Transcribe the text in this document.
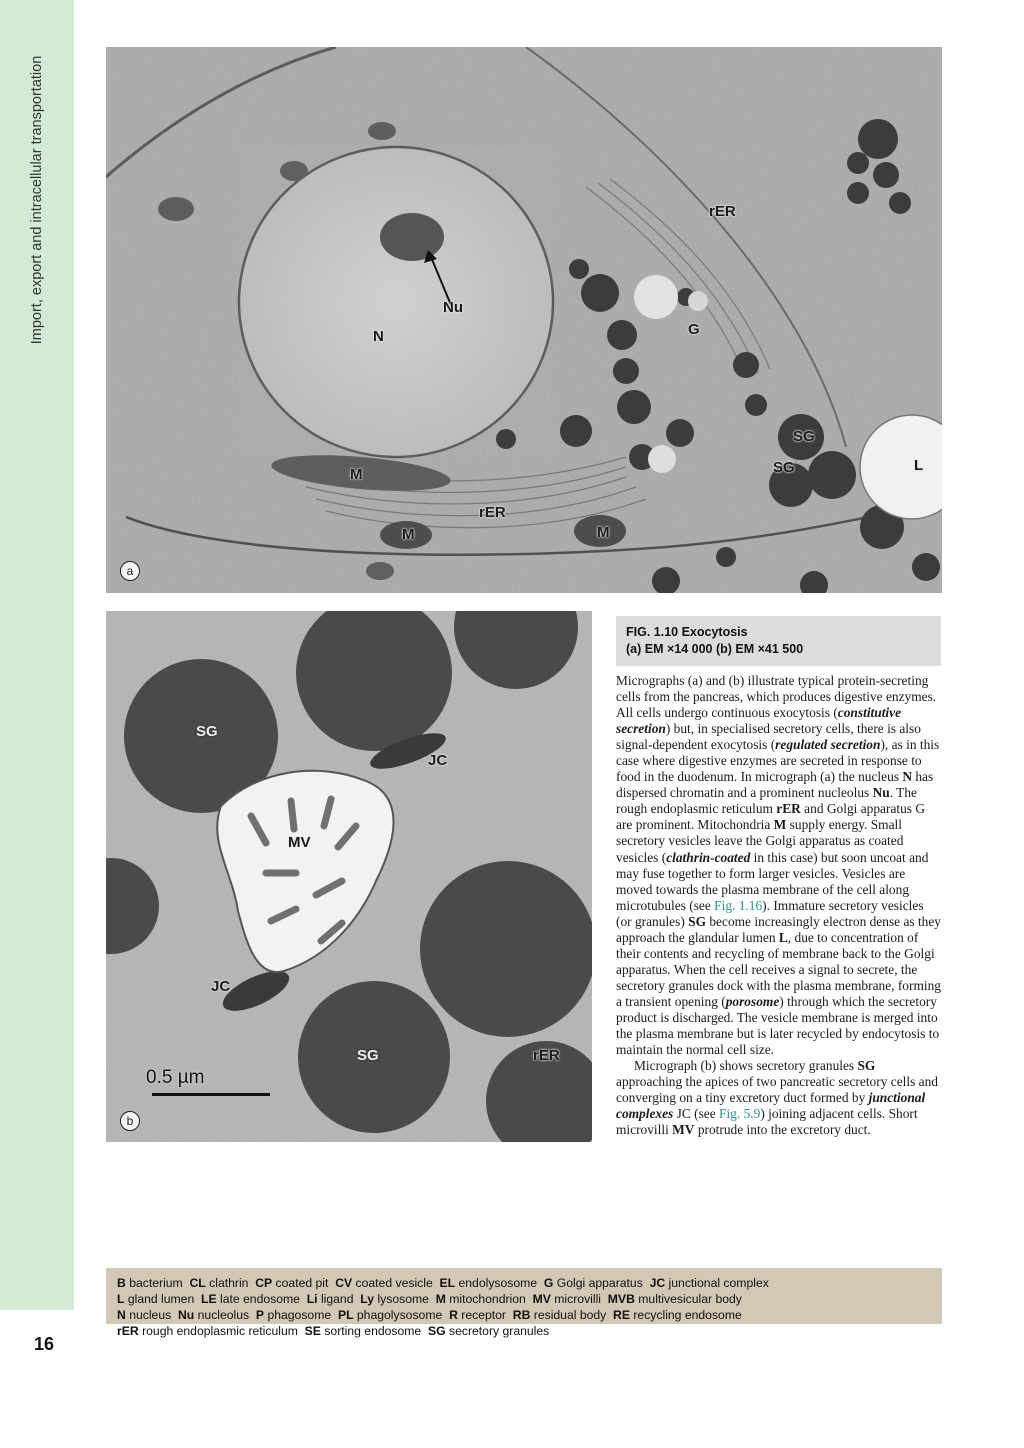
Import, export and intracellular transportation
16
Nu
N
rER
G
SG
SG	L
M
rER
M	M
a
SG
JC
MV
JC
SG	rER
0.5 µm
b
FIG. 1.10 Exocytosis
(a) EM ×14 000 (b) EM ×41 500

Micrographs (a) and (b) illustrate typical protein-secreting cells from the pancreas, which produces digestive enzymes. All cells undergo continuous exocytosis (constitutive secretion) but, in specialised secretory cells, there is also signal-dependent exocytosis (regulated secretion), as in this case where digestive enzymes are secreted in response to food in the duodenum. In micrograph (a) the nucleus N has dispersed chromatin and a prominent nucleolus Nu. The rough endoplasmic reticulum rER and Golgi apparatus G are prominent. Mitochondria M supply energy. Small secretory vesicles leave the Golgi apparatus as coated vesicles (clathrin-coated in this case) but soon uncoat and may fuse together to form larger vesicles. Vesicles are moved towards the plasma membrane of the cell along microtubules (see Fig. 1.16). Immature secretory vesicles (or granules) SG become increasingly electron dense as they approach the glandular lumen L, due to concentration of their contents and recycling of membrane back to the Golgi apparatus. When the cell receives a signal to secrete, the secretory granules dock with the plasma membrane, forming a transient opening (porosome) through which the secretory product is discharged. The vesicle membrane is merged into the plasma membrane but is later recycled by endocytosis to maintain the normal cell size.

Micrograph (b) shows secretory granules SG approaching the apices of two pancreatic secretory cells and converging on a tiny excretory duct formed by junctional complexes JC (see Fig. 5.9) joining adjacent cells. Short microvilli MV protrude into the excretory duct.

B bacterium CL clathrin CP coated pit CV coated vesicle EL endolysosome G Golgi apparatus JC junctional complex
L gland lumen LE late endosome Li ligand Ly lysosome M mitochondrion MV microvilli MVB multivesicular body
N nucleus Nu nucleolus P phagosome PL phagolysosome R receptor RB residual body RE recycling endosome
rER rough endoplasmic reticulum SE sorting endosome SG secretory granules
